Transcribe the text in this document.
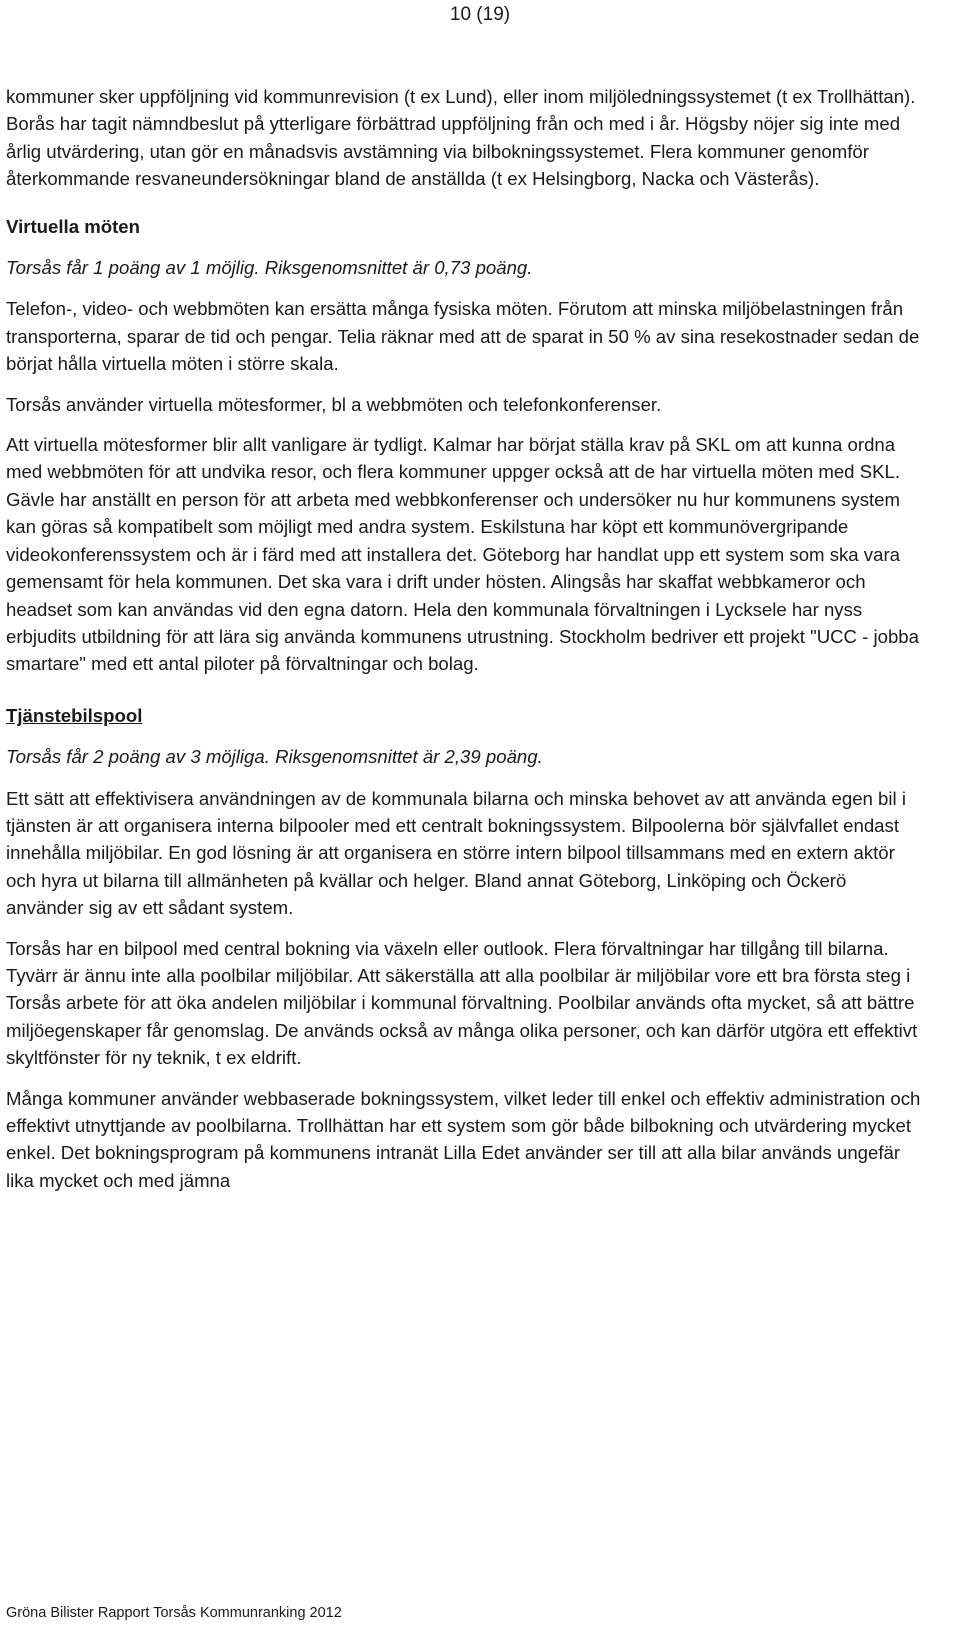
10 (19)

kommuner sker uppföljning vid kommunrevision (t ex Lund), eller inom miljöledningssystemet (t ex Trollhättan). Borås har tagit nämndbeslut på ytterligare förbättrad uppföljning från och med i år. Högsby nöjer sig inte med årlig utvärdering, utan gör en månadsvis avstämning via bilbokningssystemet. Flera kommuner genomför återkommande resvaneundersökningar bland de anställda (t ex Helsingborg, Nacka och Västerås).

Virtuella möten

Torsås får 1 poäng av 1 möjlig. Riksgenomsnittet är 0,73 poäng.

Telefon-, video- och webbmöten kan ersätta många fysiska möten. Förutom att minska miljöbelastningen från transporterna, sparar de tid och pengar. Telia räknar med att de sparat in 50 % av sina resekostnader sedan de börjat hålla virtuella möten i större skala.

Torsås använder virtuella mötesformer, bl a webbmöten och telefonkonferenser.

Att virtuella mötesformer blir allt vanligare är tydligt. Kalmar har börjat ställa krav på SKL om att kunna ordna med webbmöten för att undvika resor, och flera kommuner uppger också att de har virtuella möten med SKL. Gävle har anställt en person för att arbeta med webbkonferenser och undersöker nu hur kommunens system kan göras så kompatibelt som möjligt med andra system. Eskilstuna har köpt ett kommunövergripande videokonferenssystem och är i färd med att installera det. Göteborg har handlat upp ett system som ska vara gemensamt för hela kommunen. Det ska vara i drift under hösten. Alingsås har skaffat webbkameror och headset som kan användas vid den egna datorn. Hela den kommunala förvaltningen i Lycksele har nyss erbjudits utbildning för att lära sig använda kommunens utrustning. Stockholm bedriver ett projekt "UCC - jobba smartare" med ett antal piloter på förvaltningar och bolag.

Tjänstebilspool

Torsås får 2 poäng av 3 möjliga. Riksgenomsnittet är 2,39 poäng.

Ett sätt att effektivisera användningen av de kommunala bilarna och minska behovet av att använda egen bil i tjänsten är att organisera interna bilpooler med ett centralt bokningssystem. Bilpoolerna bör självfallet endast innehålla miljöbilar. En god lösning är att organisera en större intern bilpool tillsammans med en extern aktör och hyra ut bilarna till allmänheten på kvällar och helger. Bland annat Göteborg, Linköping och Öckerö använder sig av ett sådant system.

Torsås har en bilpool med central bokning via växeln eller outlook. Flera förvaltningar har tillgång till bilarna. Tyvärr är ännu inte alla poolbilar miljöbilar. Att säkerställa att alla poolbilar är miljöbilar vore ett bra första steg i Torsås arbete för att öka andelen miljöbilar i kommunal förvaltning. Poolbilar används ofta mycket, så att bättre miljöegenskaper får genomslag. De används också av många olika personer, och kan därför utgöra ett effektivt skyltfönster för ny teknik, t ex eldrift.

Många kommuner använder webbaserade bokningssystem, vilket leder till enkel och effektiv administration och effektivt utnyttjande av poolbilarna. Trollhättan har ett system som gör både bilbokning och utvärdering mycket enkel. Det bokningsprogram på kommunens intranät Lilla Edet använder ser till att alla bilar används ungefär lika mycket och med jämna

Gröna Bilister Rapport Torsås Kommunranking 2012
